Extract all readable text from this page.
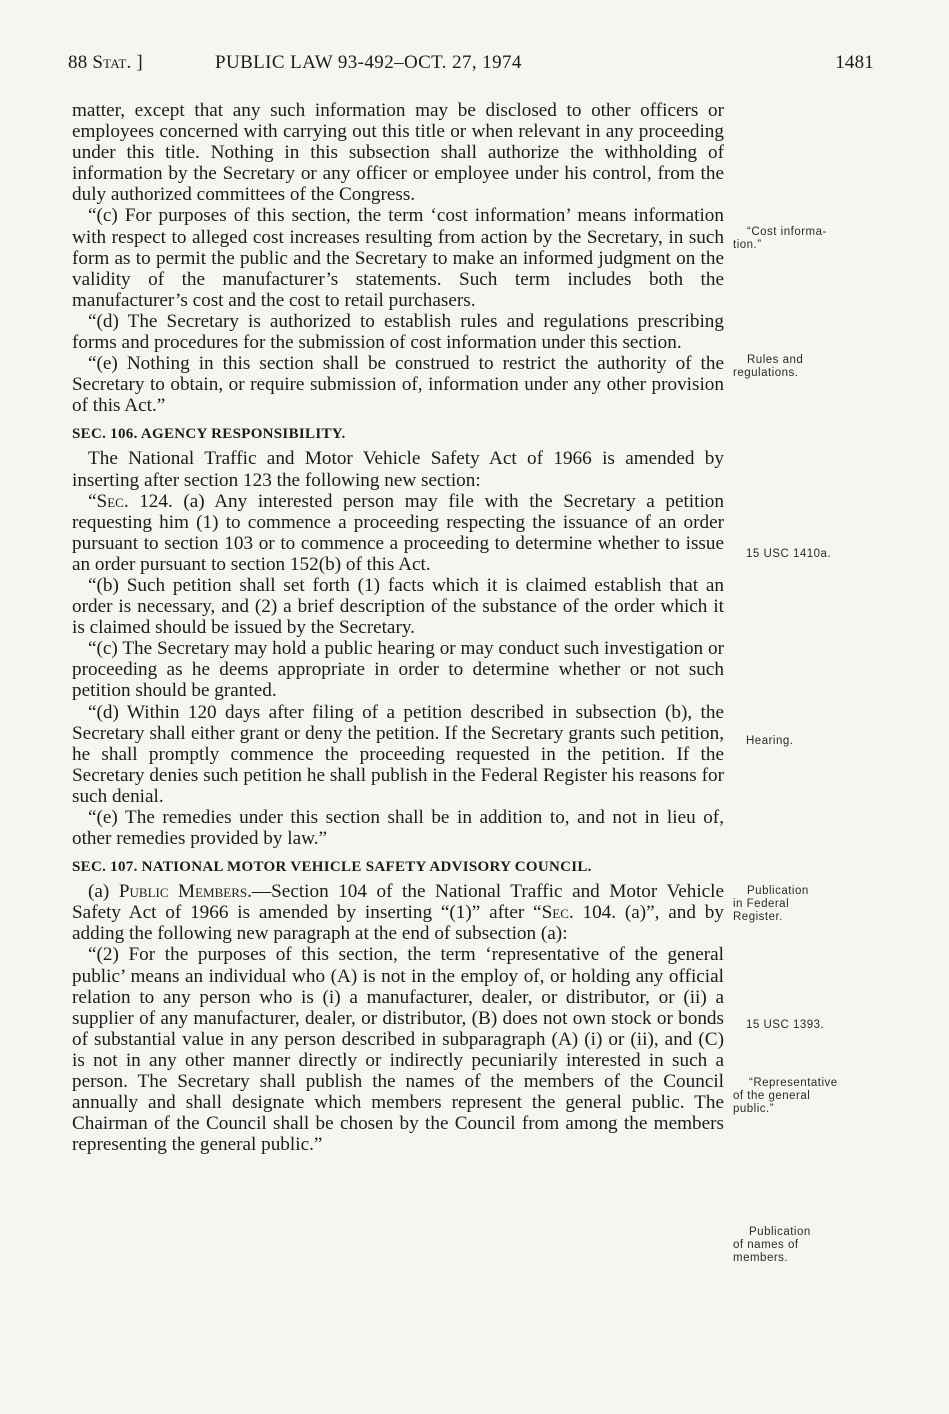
88 Stat. ]	PUBLIC LAW 93-492–OCT. 27, 1974	1481

matter, except that any such information may be disclosed to other officers or employees concerned with carrying out this title or when relevant in any proceeding under this title. Nothing in this subsection shall authorize the withholding of information by the Secretary or any officer or employee under his control, from the duly authorized committees of the Congress.

“(c) For purposes of this section, the term ‘cost information’ means information with respect to alleged cost increases resulting from action by the Secretary, in such form as to permit the public and the Secretary to make an informed judgment on the validity of the manufacturer’s statements. Such term includes both the manufacturer’s cost and the cost to retail purchasers.

“(d) The Secretary is authorized to establish rules and regulations prescribing forms and procedures for the submission of cost information under this section.

“(e) Nothing in this section shall be construed to restrict the authority of the Secretary to obtain, or require submission of, information under any other provision of this Act.”

SEC. 106. AGENCY RESPONSIBILITY.

The National Traffic and Motor Vehicle Safety Act of 1966 is amended by inserting after section 123 the following new section:

“Sec. 124. (a) Any interested person may file with the Secretary a petition requesting him (1) to commence a proceeding respecting the issuance of an order pursuant to section 103 or to commence a proceeding to determine whether to issue an order pursuant to section 152(b) of this Act.

“(b) Such petition shall set forth (1) facts which it is claimed establish that an order is necessary, and (2) a brief description of the substance of the order which it is claimed should be issued by the Secretary.

“(c) The Secretary may hold a public hearing or may conduct such investigation or proceeding as he deems appropriate in order to determine whether or not such petition should be granted.

“(d) Within 120 days after filing of a petition described in subsection (b), the Secretary shall either grant or deny the petition. If the Secretary grants such petition, he shall promptly commence the proceeding requested in the petition. If the Secretary denies such petition he shall publish in the Federal Register his reasons for such denial.

“(e) The remedies under this section shall be in addition to, and not in lieu of, other remedies provided by law.”

SEC. 107. NATIONAL MOTOR VEHICLE SAFETY ADVISORY COUNCIL.

(a) Public Members.—Section 104 of the National Traffic and Motor Vehicle Safety Act of 1966 is amended by inserting “(1)” after “Sec. 104. (a)”, and by adding the following new paragraph at the end of subsection (a):

“(2) For the purposes of this section, the term ‘representative of the general public’ means an individual who (A) is not in the employ of, or holding any official relation to any person who is (i) a manufacturer, dealer, or distributor, or (ii) a supplier of any manufacturer, dealer, or distributor, (B) does not own stock or bonds of substantial value in any person described in subparagraph (A) (i) or (ii), and (C) is not in any other manner directly or indirectly pecuniarily interested in such a person. The Secretary shall publish the names of the members of the Council annually and shall designate which members represent the general public. The Chairman of the Council shall be chosen by the Council from among the members representing the general public.”

“Cost informa-
tion.”
Rules and
regulations.
15 USC 1410a.
Hearing.
Publication
in Federal
Register.
15 USC 1393.
“Representative
of the general
public.”
Publication
of names of
members.
